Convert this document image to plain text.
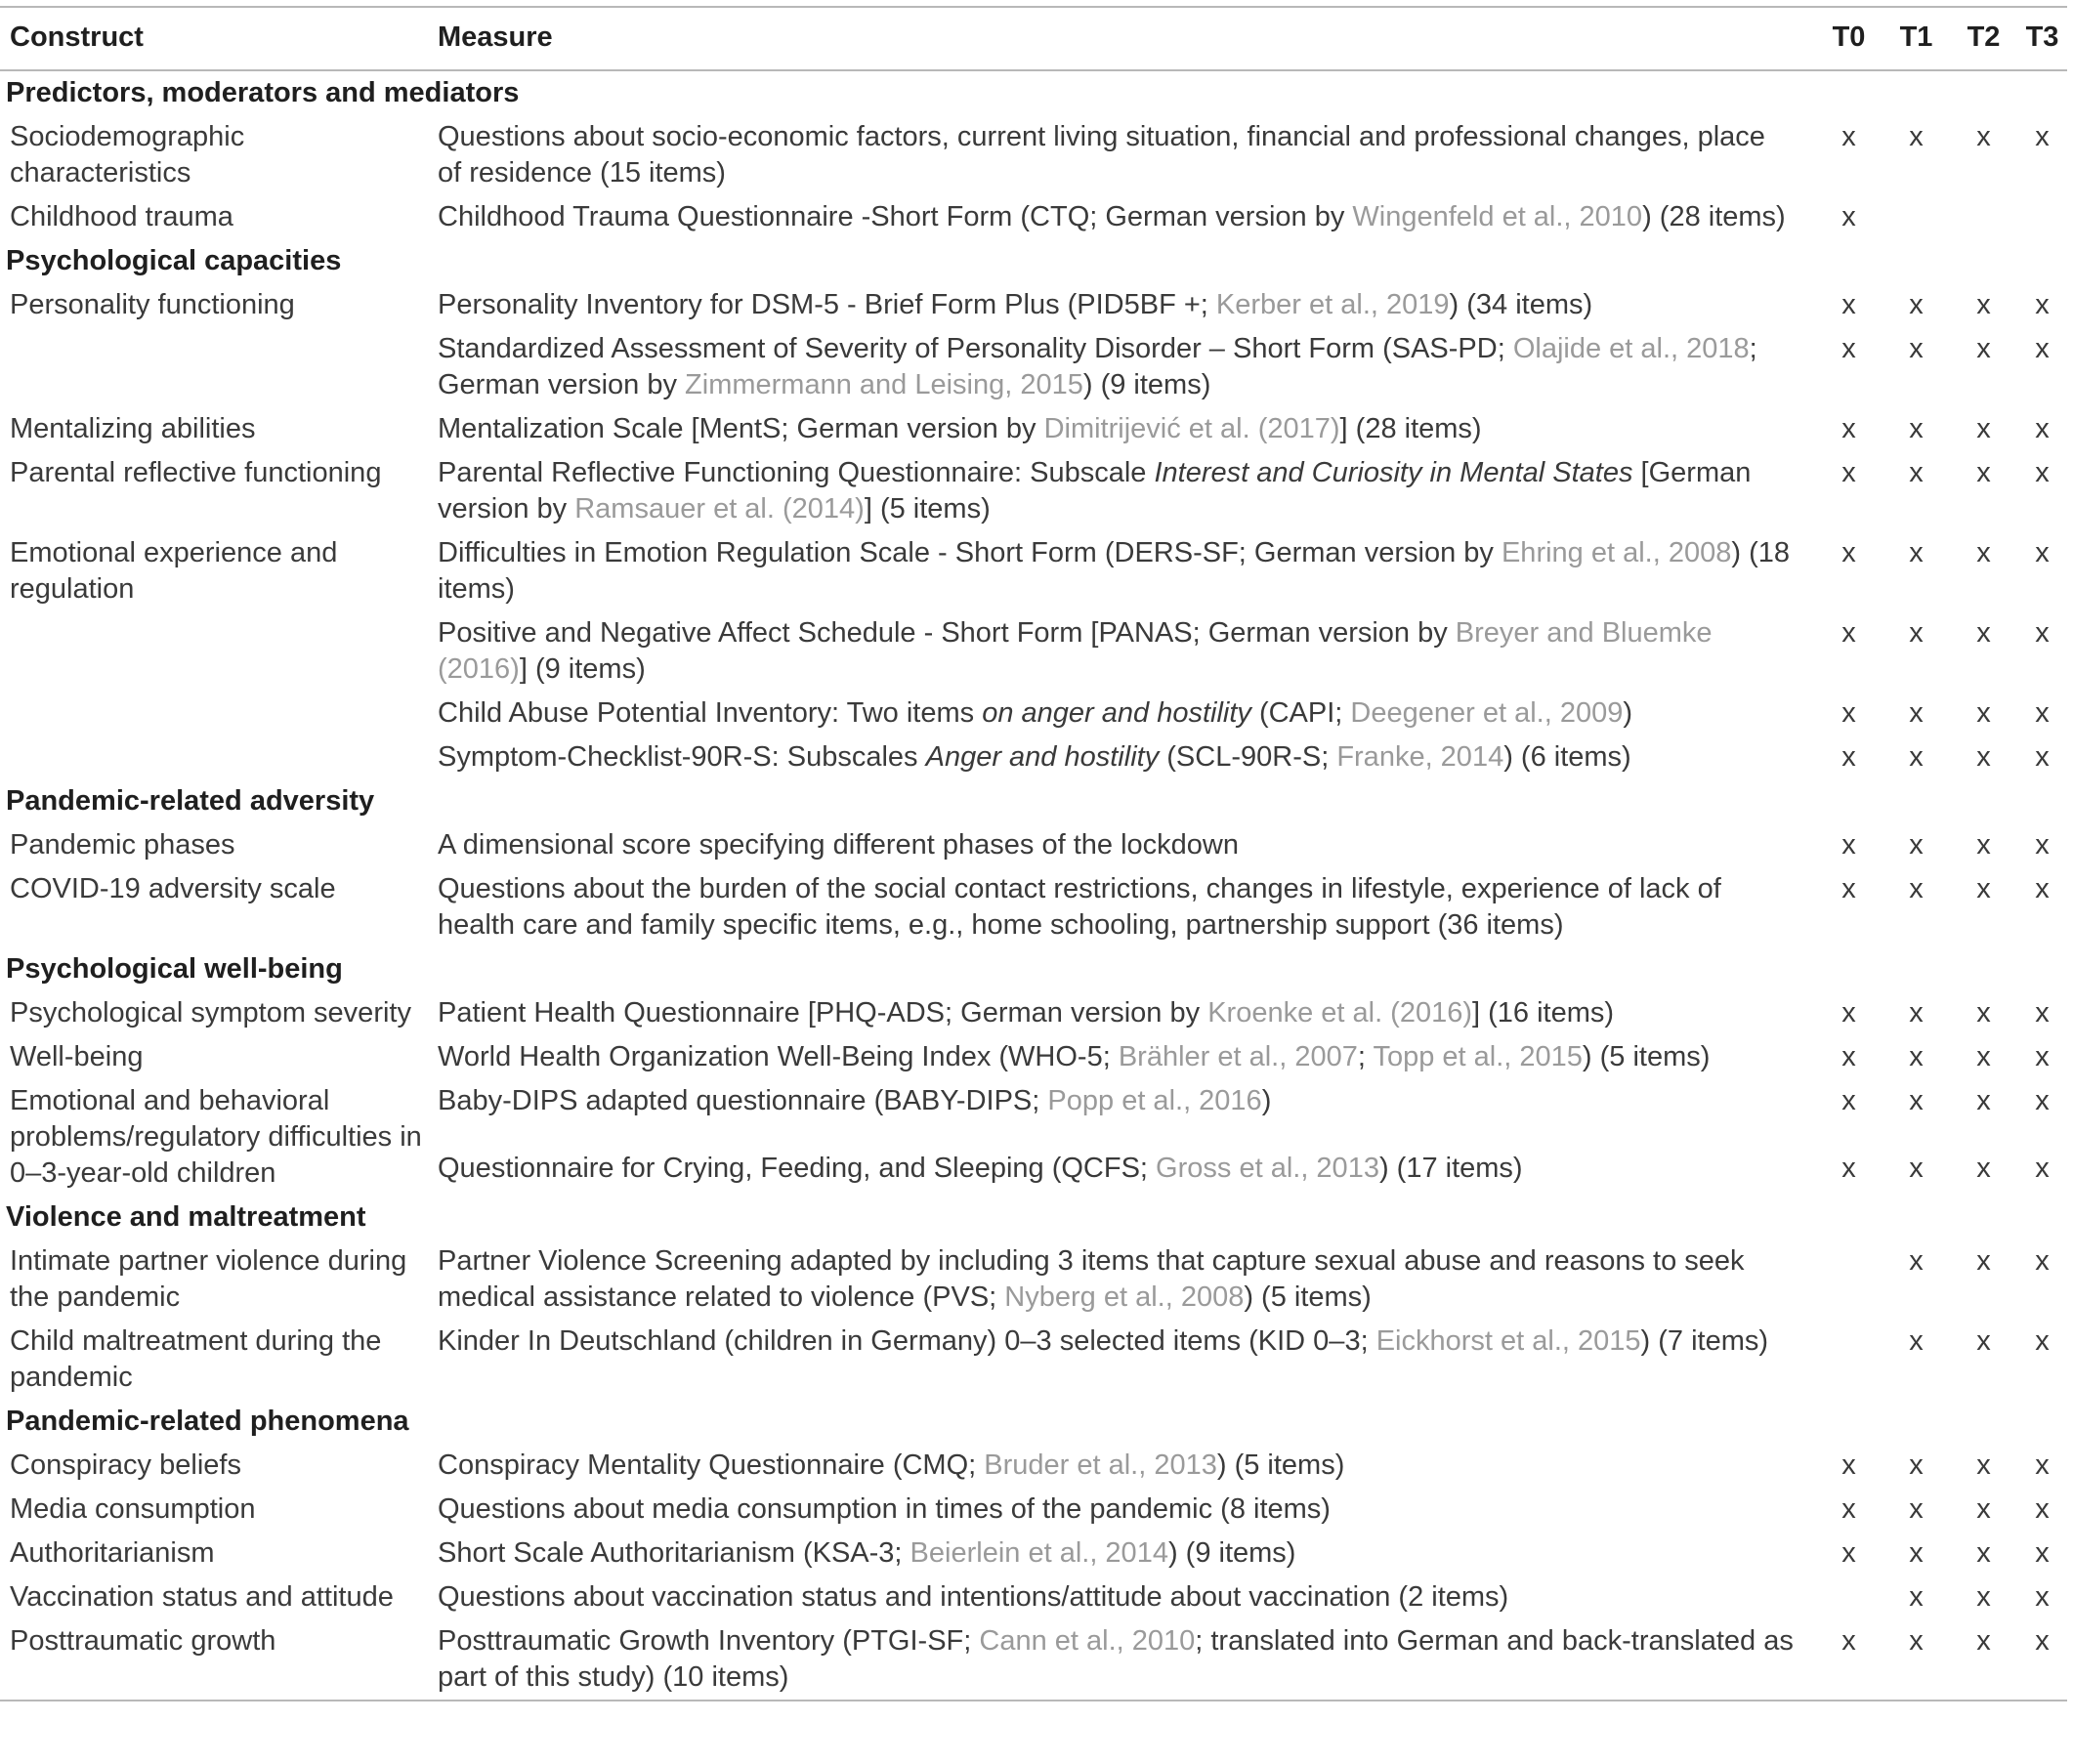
Construct	Measure	T0	T1	T2	T3
Predictors, moderators and mediators					
Sociodemographic characteristics	Questions about socio-economic factors, current living situation, financial and professional changes, place of residence (15 items)	x	x	x	x
Childhood trauma	Childhood Trauma Questionnaire -Short Form (CTQ; German version by Wingenfeld et al., 2010) (28 items)	x			
Psychological capacities					
Personality functioning	Personality Inventory for DSM-5 - Brief Form Plus (PID5BF +; Kerber et al., 2019) (34 items)	x	x	x	x
	Standardized Assessment of Severity of Personality Disorder – Short Form (SAS-PD; Olajide et al., 2018; German version by Zimmermann and Leising, 2015) (9 items)	x	x	x	x
Mentalizing abilities	Mentalization Scale [MentS; German version by Dimitrijević et al. (2017)] (28 items)	x	x	x	x
Parental reflective functioning	Parental Reflective Functioning Questionnaire: Subscale Interest and Curiosity in Mental States [German version by Ramsauer et al. (2014)] (5 items)	x	x	x	x
Emotional experience and regulation	Difficulties in Emotion Regulation Scale - Short Form (DERS-SF; German version by Ehring et al., 2008) (18 items)	x	x	x	x
	Positive and Negative Affect Schedule - Short Form [PANAS; German version by Breyer and Bluemke (2016)] (9 items)	x	x	x	x
	Child Abuse Potential Inventory: Two items on anger and hostility (CAPI; Deegener et al., 2009)	x	x	x	x
	Symptom-Checklist-90R-S: Subscales Anger and hostility (SCL-90R-S; Franke, 2014) (6 items)	x	x	x	x
Pandemic-related adversity					
Pandemic phases	A dimensional score specifying different phases of the lockdown	x	x	x	x
COVID-19 adversity scale	Questions about the burden of the social contact restrictions, changes in lifestyle, experience of lack of health care and family specific items, e.g., home schooling, partnership support (36 items)	x	x	x	x
Psychological well-being					
Psychological symptom severity	Patient Health Questionnaire [PHQ-ADS; German version by Kroenke et al. (2016)] (16 items)	x	x	x	x
Well-being	World Health Organization Well-Being Index (WHO-5; Brähler et al., 2007; Topp et al., 2015) (5 items)	x	x	x	x
Emotional and behavioral problems/regulatory difficulties in 0–3-year-old children	Baby-DIPS adapted questionnaire (BABY-DIPS; Popp et al., 2016)	x	x	x	x
	Questionnaire for Crying, Feeding, and Sleeping (QCFS; Gross et al., 2013) (17 items)	x	x	x	x
Violence and maltreatment					
Intimate partner violence during the pandemic	Partner Violence Screening adapted by including 3 items that capture sexual abuse and reasons to seek medical assistance related to violence (PVS; Nyberg et al., 2008) (5 items)		x	x	x
Child maltreatment during the pandemic	Kinder In Deutschland (children in Germany) 0–3 selected items (KID 0–3; Eickhorst et al., 2015) (7 items)		x	x	x
Pandemic-related phenomena					
Conspiracy beliefs	Conspiracy Mentality Questionnaire (CMQ; Bruder et al., 2013) (5 items)	x	x	x	x
Media consumption	Questions about media consumption in times of the pandemic (8 items)	x	x	x	x
Authoritarianism	Short Scale Authoritarianism (KSA-3; Beierlein et al., 2014) (9 items)	x	x	x	x
Vaccination status and attitude	Questions about vaccination status and intentions/attitude about vaccination (2 items)		x	x	x
Posttraumatic growth	Posttraumatic Growth Inventory (PTGI-SF; Cann et al., 2010; translated into German and back-translated as part of this study) (10 items)	x	x	x	x
